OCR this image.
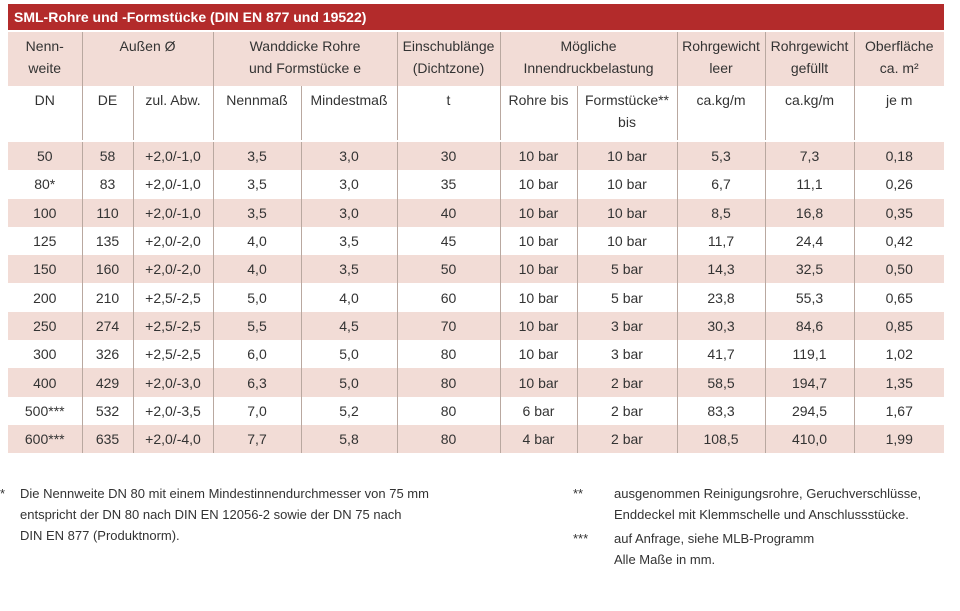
SML-Rohre und -Formstücke (DIN EN 877 und 19522)
Nenn-
weite	Außen Ø		Wanddicke Rohre
und Formstücke e		Einschublänge
(Dichtzone)	Mögliche
Innendruckbelastung		Rohrgewicht
leer	Rohrgewicht
gefüllt	Oberfläche
ca. m²
DN	DE	zul. Abw.	Nennmaß	Mindestmaß	t	Rohre bis	Formstücke**
bis	ca.kg/m	ca.kg/m	je m

50	58	+2,0/-1,0	3,5	3,0	30	10 bar	10 bar	5,3	7,3	0,18
80*	83	+2,0/-1,0	3,5	3,0	35	10 bar	10 bar	6,7	11,1	0,26
100	110	+2,0/-1,0	3,5	3,0	40	10 bar	10 bar	8,5	16,8	0,35
125	135	+2,0/-2,0	4,0	3,5	45	10 bar	10 bar	11,7	24,4	0,42
150	160	+2,0/-2,0	4,0	3,5	50	10 bar	5 bar	14,3	32,5	0,50
200	210	+2,5/-2,5	5,0	4,0	60	10 bar	5 bar	23,8	55,3	0,65
250	274	+2,5/-2,5	5,5	4,5	70	10 bar	3 bar	30,3	84,6	0,85
300	326	+2,5/-2,5	6,0	5,0	80	10 bar	3 bar	41,7	119,1	1,02
400	429	+2,0/-3,0	6,3	5,0	80	10 bar	2 bar	58,5	194,7	1,35
500***	532	+2,0/-3,5	7,0	5,2	80	6 bar	2 bar	83,3	294,5	1,67
600***	635	+2,0/-4,0	7,7	5,8	80	4 bar	2 bar	108,5	410,0	1,99
* Die Nennweite DN 80 mit einem Mindestinnendurchmesser von 75 mm
entspricht der DN 80 nach DIN EN 12056-2 sowie der DN 75 nach
DIN EN 877 (Produktnorm).
** ausgenommen Reinigungsrohre, Geruchverschlüsse,
Enddeckel mit Klemmschelle und Anschlussstücke.
*** auf Anfrage, siehe MLB-Programm
Alle Maße in mm.
